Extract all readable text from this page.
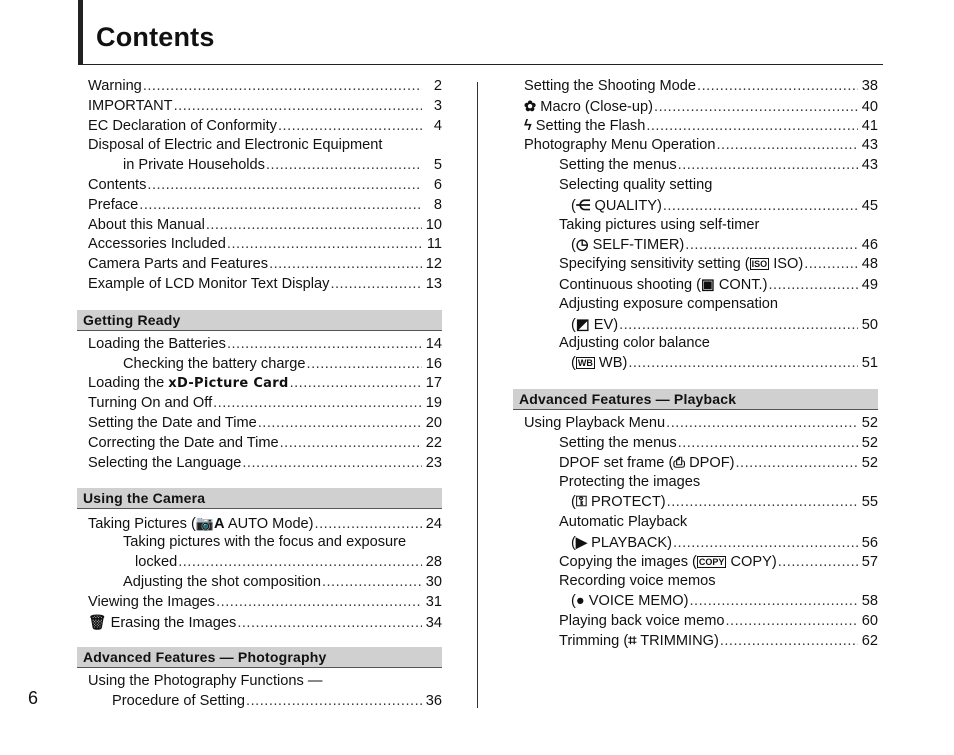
Contents
Warning .....	2
IMPORTANT .....	3
EC Declaration of Conformity .....	4
Disposal of Electric and Electronic Equipment
in Private Households .....	5
Contents .....	6
Preface .....	8
About this Manual .....	10
Accessories Included .....	11
Camera Parts and Features .....	12
Example of LCD Monitor Text Display .....	13
Getting Ready
Loading the Batteries .....	14
Checking the battery charge .....	16
Loading the xD-Picture Card .....	17
Turning On and Off .....	19
Setting the Date and Time .....	20
Correcting the Date and Time .....	22
Selecting the Language .....	23
Using the Camera
Taking Pictures (📷A AUTO Mode) .....	24
Taking pictures with the focus and exposure
locked .....	28
Adjusting the shot composition .....	30
Viewing the Images .....	31
🗑 Erasing the Images .....	34
Advanced Features — Photography
Using the Photography Functions —
Procedure of Setting .....	36
Setting the Shooting Mode .....	38
✿ Macro (Close-up) .....	40
ϟ Setting the Flash .....	41
Photography Menu Operation .....	43
Setting the menus .....	43
Selecting quality setting
(⋲ QUALITY) .....	45
Taking pictures using self-timer
(◷ SELF-TIMER) .....	46
Specifying sensitivity setting ( ISO ISO) .....	48
Continuous shooting (▣ CONT.) .....	49
Adjusting exposure compensation
(◩ EV) .....	50
Adjusting color balance
( WB WB) .....	51
Advanced Features — Playback
Using Playback Menu .....	52
Setting the menus .....	52
DPOF set frame (⎙ DPOF) .....	52
Protecting the images
(⚿ PROTECT) .....	55
Automatic Playback
(▶ PLAYBACK) .....	56
Copying the images ( COPY COPY) .....	57
Recording voice memos
(● VOICE MEMO) .....	58
Playing back voice memo .....	60
Trimming (⌗ TRIMMING) .....	62
6
